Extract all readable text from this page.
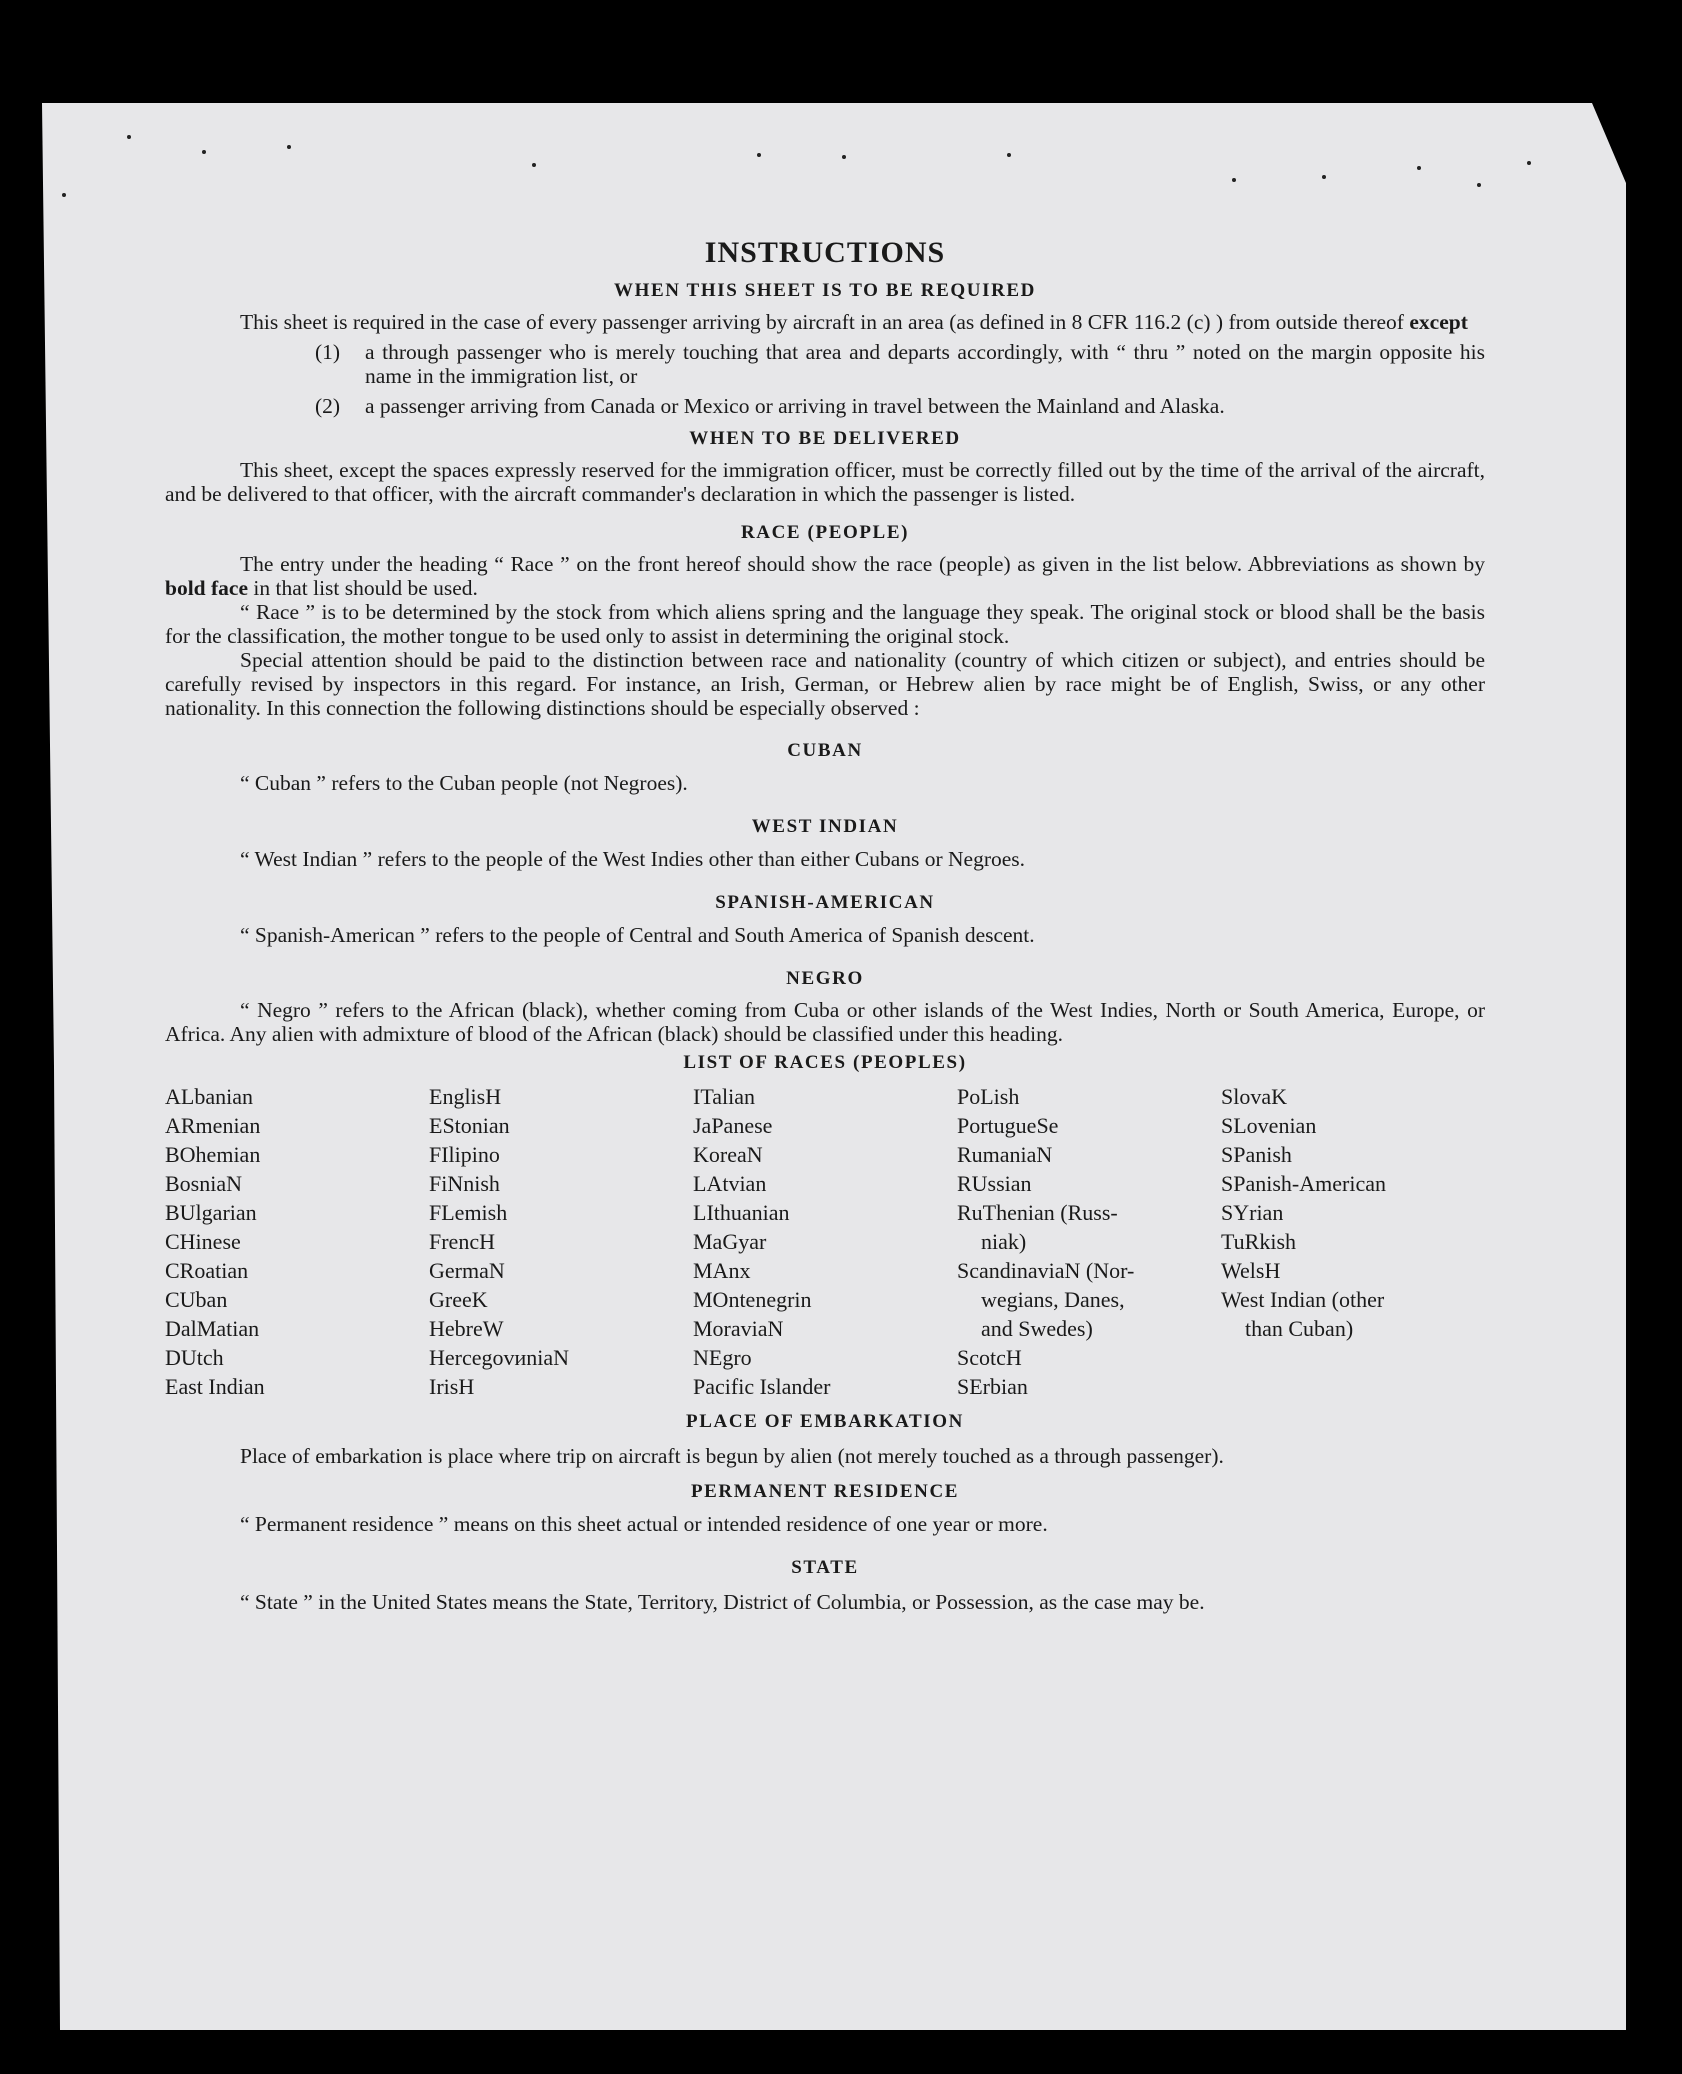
INSTRUCTIONS
WHEN THIS SHEET IS TO BE REQUIRED

This sheet is required in the case of every passenger arriving by aircraft in an area (as defined in 8 CFR 116.2 (c) ) from outside thereof except

(1)	a through passenger who is merely touching that area and departs accordingly, with “ thru ” noted on the margin opposite his name in the immigration list, or
(2)	a passenger arriving from Canada or Mexico or arriving in travel between the Mainland and Alaska.
WHEN TO BE DELIVERED

This sheet, except the spaces expressly reserved for the immigration officer, must be correctly filled out by the time of the arrival of the aircraft, and be delivered to that officer, with the aircraft commander's declaration in which the passenger is listed.

RACE (PEOPLE)

The entry under the heading “ Race ” on the front hereof should show the race (people) as given in the list below. Abbreviations as shown by bold face in that list should be used.

“ Race ” is to be determined by the stock from which aliens spring and the language they speak. The original stock or blood shall be the basis for the classification, the mother tongue to be used only to assist in determining the original stock.

Special attention should be paid to the distinction between race and nationality (country of which citizen or subject), and entries should be carefully revised by inspectors in this regard. For instance, an Irish, German, or Hebrew alien by race might be of English, Swiss, or any other nationality. In this connection the following distinctions should be especially observed :

CUBAN
“ Cuban ” refers to the Cuban people (not Negroes).
WEST INDIAN
“ West Indian ” refers to the people of the West Indies other than either Cubans or Negroes.
SPANISH-AMERICAN
“ Spanish-American ” refers to the people of Central and South America of Spanish descent.
NEGRO

“ Negro ” refers to the African (black), whether coming from Cuba or other islands of the West Indies, North or South America, Europe, or Africa. Any alien with admixture of blood of the African (black) should be classified under this heading.

LIST OF RACES (PEOPLES)
ALbanian
ARmenian
BOhemian
BosniaN
BUlgarian
CHinese
CRoatian
CUban
DalMatian
DUtch
East Indian
EnglisH
EStonian
FIlipino
FiNnish
FLemish
FrencH
GermaN
GreeK
HebreW
HercegovиniaN
IrisH
ITalian
JaPanese
KoreaN
LAtvian
LIthuanian
MaGyar
MAnx
MOntenegrin
MoraviaN
NEgro
Pacific Islander
PoLish
PortugueSe
RumaniaN
RUssian
RuThenian (Russ-
niak)
ScandinaviaN (Nor-
wegians, Danes,
and Swedes)
ScotcH
SErbian
SlovaK
SLovenian
SPanish
SPanish-American
SYrian
TuRkish
WelsH
West Indian (other
than Cuban)
PLACE OF EMBARKATION

Place of embarkation is place where trip on aircraft is begun by alien (not merely touched as a through passenger).

PERMANENT RESIDENCE
“ Permanent residence ” means on this sheet actual or intended residence of one year or more.
STATE

“ State ” in the United States means the State, Territory, District of Columbia, or Possession, as the case may be.
